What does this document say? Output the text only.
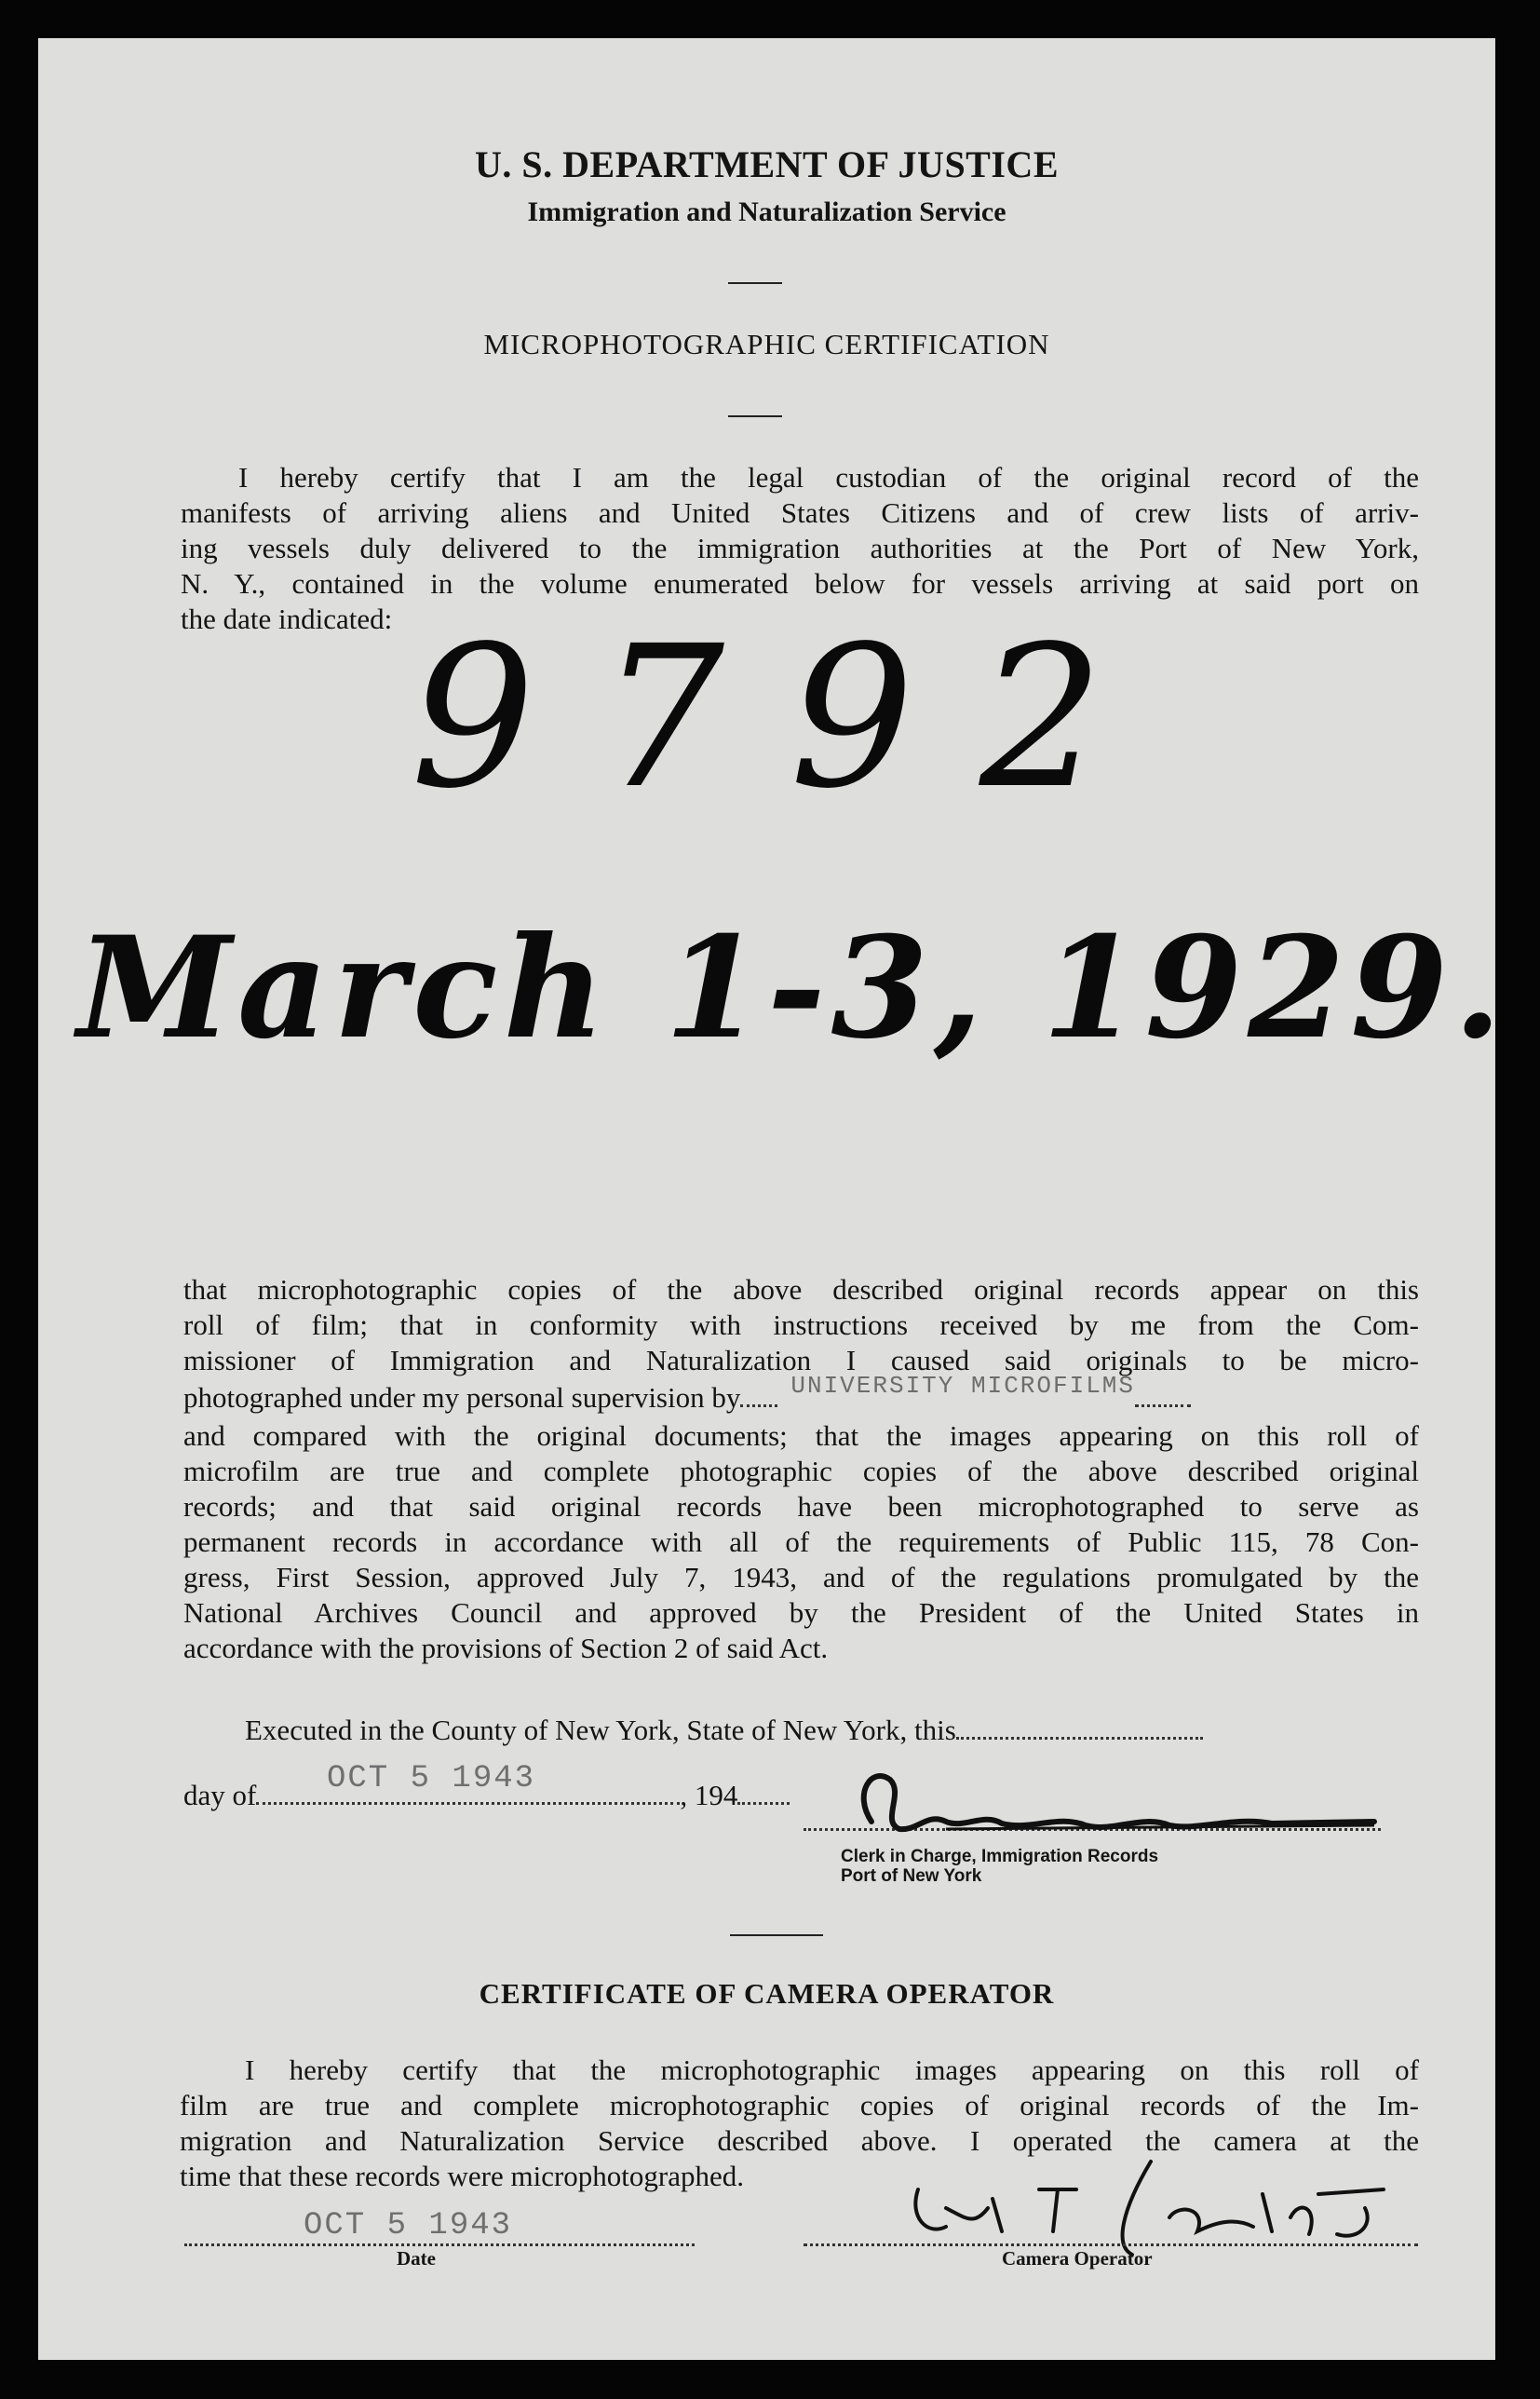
U. S. DEPARTMENT OF JUSTICE
Immigration and Naturalization Service
MICROPHOTOGRAPHIC CERTIFICATION
I hereby certify that I am the legal custodian of the original record of the
manifests of arriving aliens and United States Citizens and of crew lists of arriv-
ing vessels duly delivered to the immigration authorities at the Port of New York,
N. Y., contained in the volume enumerated below for vessels arriving at said port on
the date indicated: 9792
March 1-3, 1929.
that microphotographic copies of the above described original records appear on this
roll of film; that in conformity with instructions received by me from the Com-
missioner of Immigration and Naturalization I caused said originals to be micro-
photographed under my personal supervision by $^{UNIVERSITY MICROFILMS}$
and compared with the original documents; that the images appearing on this roll of
microfilm are true and complete photographic copies of the above described original
records; and that said original records have been microphotographed to serve as
permanent records in accordance with all of the requirements of Public 115, 78 Con-
gress, First Session, approved July 7, 1943, and of the regulations promulgated by the
National Archives Council and approved by the President of the United States in
accordance with the provisions of Section 2 of said Act.
Executed in the County of New York, State of New York, this
day of	, 194
OCT 5 1943
Clerk in Charge, Immigration Records
Port of New York
CERTIFICATE OF CAMERA OPERATOR
I hereby certify that the microphotographic images appearing on this roll of
film are true and complete microphotographic copies of original records of the Im-
migration and Naturalization Service described above. I operated the camera at the
time that these records were microphotographed.
OCT 5 1943
Date	Camera Operator
